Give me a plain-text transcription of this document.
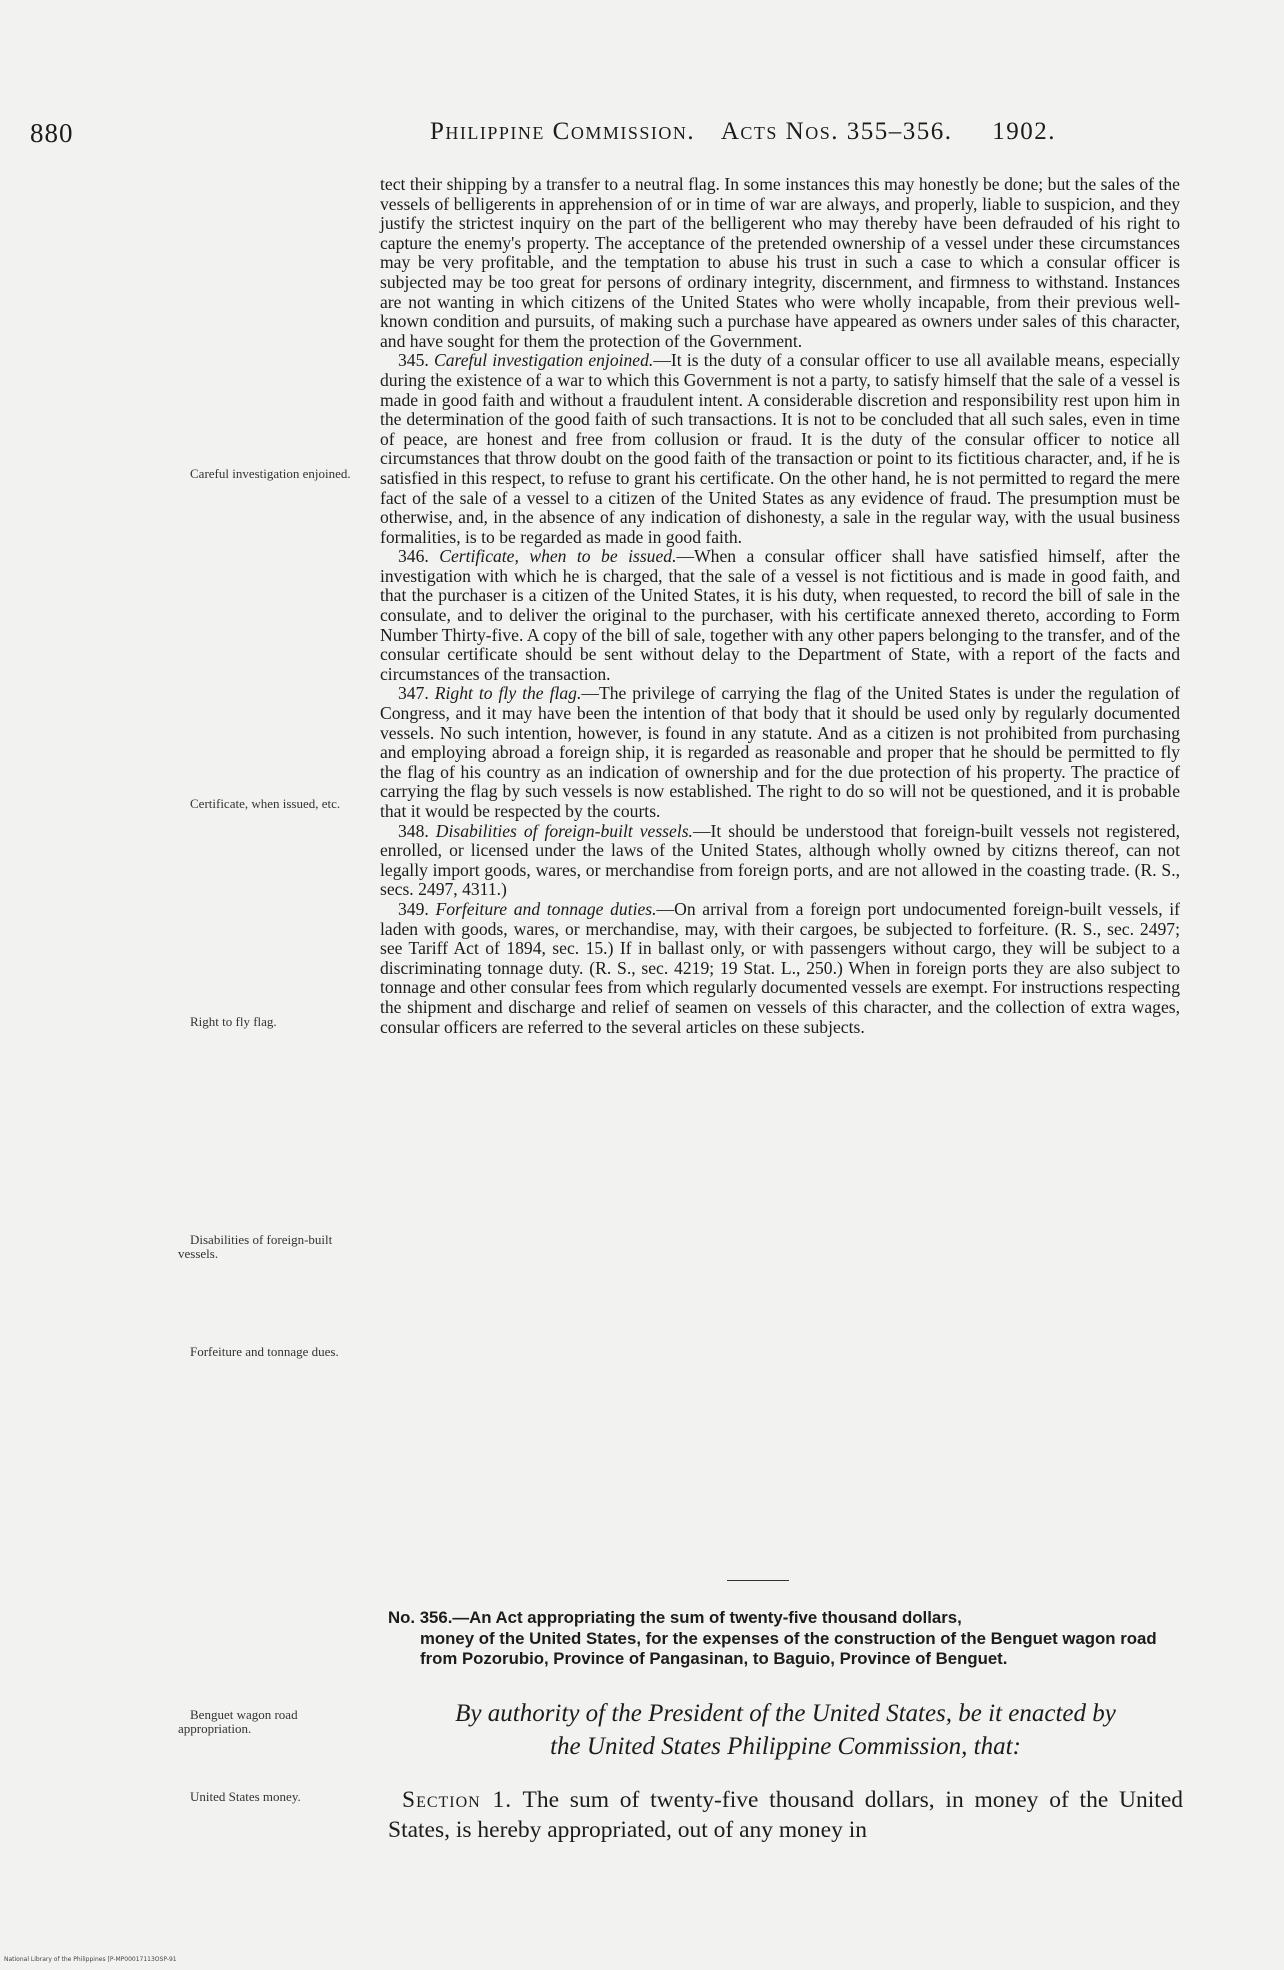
880	Philippine Commission. Acts Nos. 355–356. 1902.
Careful investigation enjoined.
Certificate, when issued, etc.
Right to fly flag.
Disabilities of foreign-built vessels.
Forfeiture and tonnage dues.
Benguet wagon road appropriation.
United States money.

tect their shipping by a transfer to a neutral flag. In some instances this may honestly be done; but the sales of the vessels of belligerents in apprehension of or in time of war are always, and properly, liable to suspicion, and they justify the strictest inquiry on the part of the belligerent who may thereby have been defrauded of his right to capture the enemy's property. The acceptance of the pretended ownership of a vessel under these circumstances may be very profitable, and the temptation to abuse his trust in such a case to which a consular officer is subjected may be too great for persons of ordinary integrity, discernment, and firmness to withstand. Instances are not wanting in which citizens of the United States who were wholly incapable, from their previous well-known condition and pursuits, of making such a purchase have appeared as owners under sales of this character, and have sought for them the protection of the Government.

345. Careful investigation enjoined.—It is the duty of a consular officer to use all available means, especially during the existence of a war to which this Government is not a party, to satisfy himself that the sale of a vessel is made in good faith and without a fraudulent intent. A considerable discretion and responsibility rest upon him in the determination of the good faith of such transactions. It is not to be concluded that all such sales, even in time of peace, are honest and free from collusion or fraud. It is the duty of the consular officer to notice all circumstances that throw doubt on the good faith of the transaction or point to its fictitious character, and, if he is satisfied in this respect, to refuse to grant his certificate. On the other hand, he is not permitted to regard the mere fact of the sale of a vessel to a citizen of the United States as any evidence of fraud. The presumption must be otherwise, and, in the absence of any indication of dishonesty, a sale in the regular way, with the usual business formalities, is to be regarded as made in good faith.

346. Certificate, when to be issued.—When a consular officer shall have satisfied himself, after the investigation with which he is charged, that the sale of a vessel is not fictitious and is made in good faith, and that the purchaser is a citizen of the United States, it is his duty, when requested, to record the bill of sale in the consulate, and to deliver the original to the purchaser, with his certificate annexed thereto, according to Form Number Thirty-five. A copy of the bill of sale, together with any other papers belonging to the transfer, and of the consular certificate should be sent without delay to the Department of State, with a report of the facts and circumstances of the transaction.

347. Right to fly the flag.—The privilege of carrying the flag of the United States is under the regulation of Congress, and it may have been the intention of that body that it should be used only by regularly documented vessels. No such intention, however, is found in any statute. And as a citizen is not prohibited from purchasing and employing abroad a foreign ship, it is regarded as reasonable and proper that he should be permitted to fly the flag of his country as an indication of ownership and for the due protection of his property. The practice of carrying the flag by such vessels is now established. The right to do so will not be questioned, and it is probable that it would be respected by the courts.

348. Disabilities of foreign-built vessels.—It should be understood that foreign-built vessels not registered, enrolled, or licensed under the laws of the United States, although wholly owned by citizns thereof, can not legally import goods, wares, or merchandise from foreign ports, and are not allowed in the coasting trade. (R. S., secs. 2497, 4311.)

349. Forfeiture and tonnage duties.—On arrival from a foreign port undocumented foreign-built vessels, if laden with goods, wares, or merchandise, may, with their cargoes, be subjected to forfeiture. (R. S., sec. 2497; see Tariff Act of 1894, sec. 15.) If in ballast only, or with passengers without cargo, they will be subject to a discriminating tonnage duty. (R. S., sec. 4219; 19 Stat. L., 250.) When in foreign ports they are also subject to tonnage and other consular fees from which regularly documented vessels are exempt. For instructions respecting the shipment and discharge and relief of seamen on vessels of this character, and the collection of extra wages, consular officers are referred to the several articles on these subjects.

No. 356.—An Act appropriating the sum of twenty-five thousand dollars,
money of the United States, for the expenses of the construction of the Benguet wagon road from Pozorubio, Province of Pangasinan, to Baguio, Province of Benguet.
By authority of the President of the United States, be it enacted by
the United States Philippine Commission, that:
Section 1. The sum of twenty-five thousand dollars, in money of the United States, is hereby appropriated, out of any money in
National Library of the Philippines [P-MP00017113OSP-91
